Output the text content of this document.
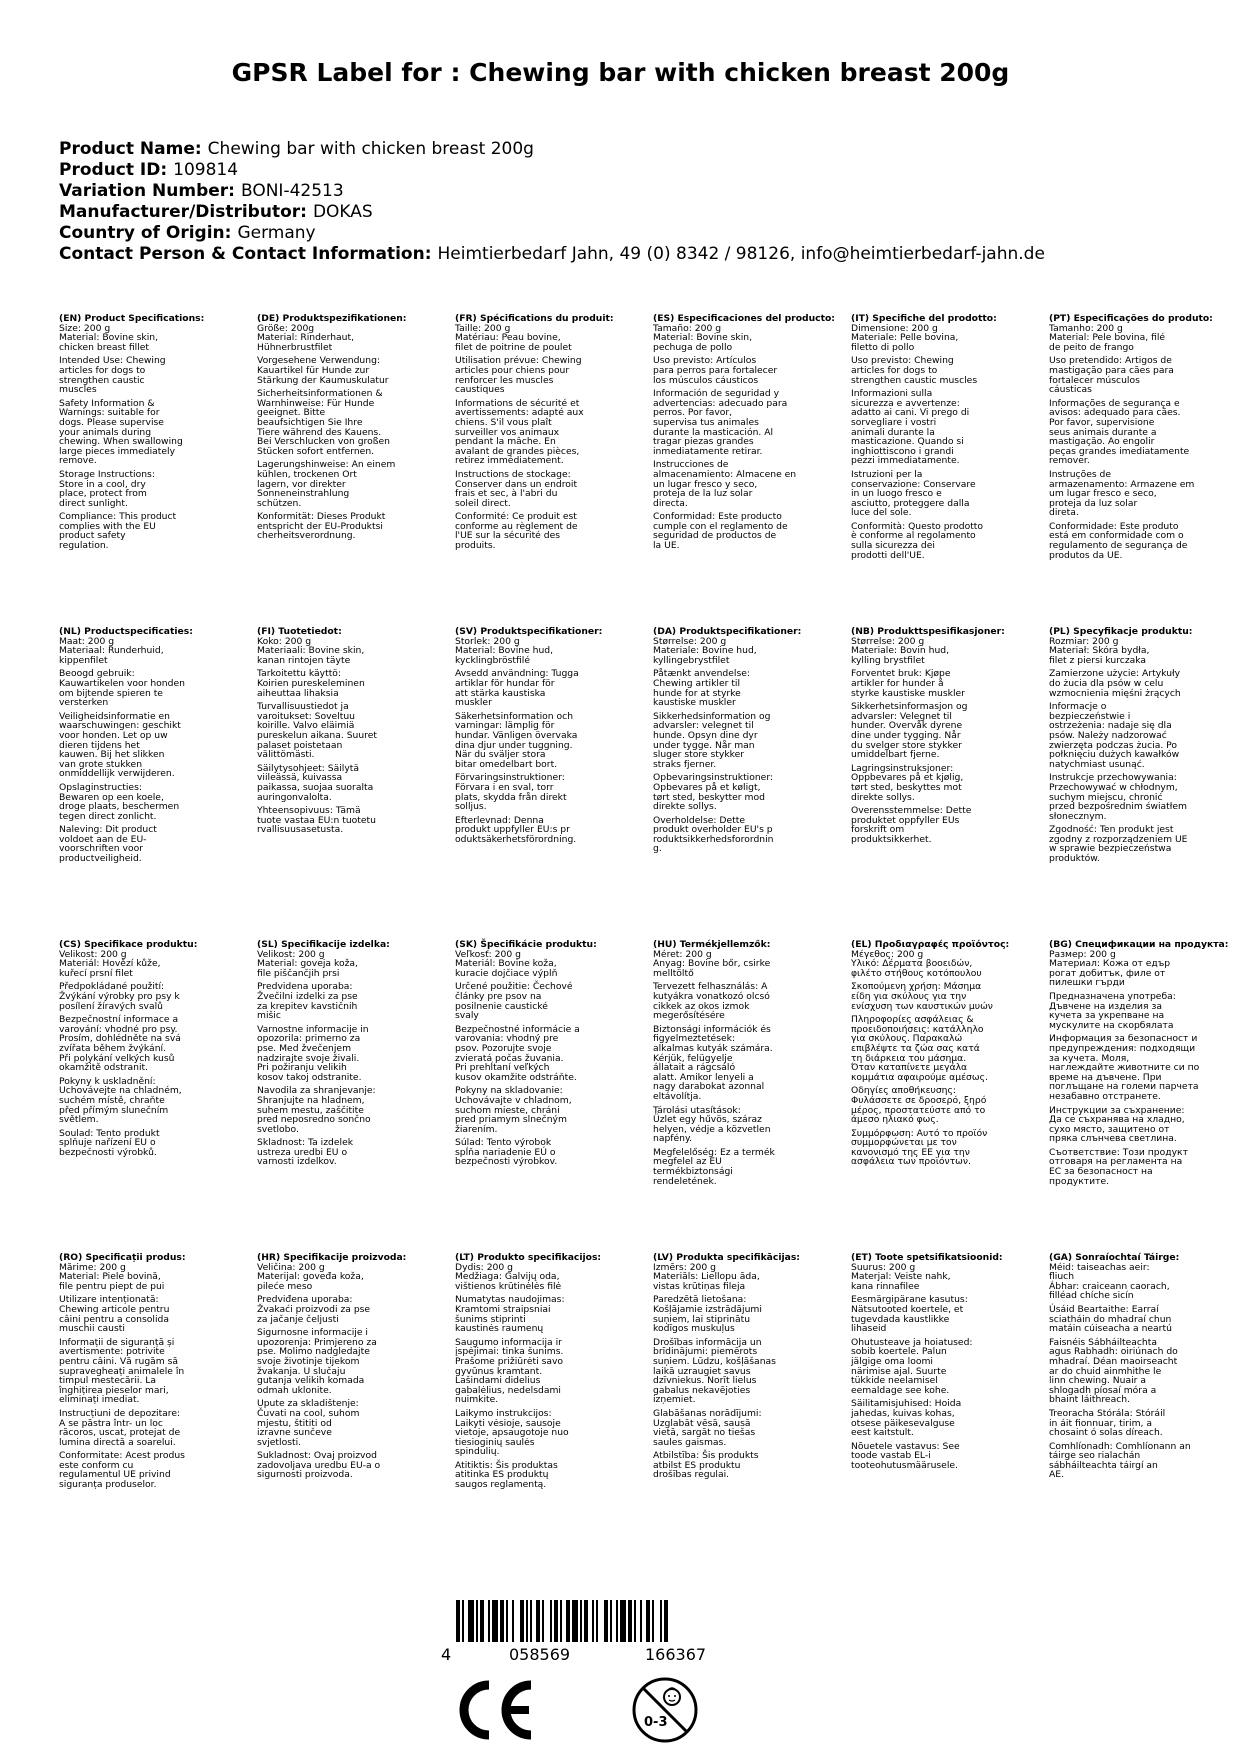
GPSR Label for : Chewing bar with chicken breast 200g
Product Name: Chewing bar with chicken breast 200g
Product ID: 109814
Variation Number: BONI-42513
Manufacturer/Distributor: DOKAS
Country of Origin: Germany
Contact Person & Contact Information: Heimtierbedarf Jahn, 49 (0) 8342 / 98126, info@heimtierbedarf-jahn.de
(EN) Product Specifications:
Size: 200 g
Material: Bovine skin,
chicken breast fillet
Intended Use: Chewing
articles for dogs to
strengthen caustic
muscles
Safety Information &
Warnings: suitable for
dogs. Please supervise
your animals during
chewing. When swallowing
large pieces immediately
remove.
Storage Instructions:
Store in a cool, dry
place, protect from
direct sunlight.
Compliance: This product
complies with the EU
product safety
regulation.
(DE) Produktspezifikationen:
Größe: 200g
Material: Rinderhaut,
Hühnerbrustfilet
Vorgesehene Verwendung:
Kauartikel für Hunde zur
Stärkung der Kaumuskulatur
Sicherheitsinformationen &
Warnhinweise: Für Hunde
geeignet. Bitte
beaufsichtigen Sie Ihre
Tiere während des Kauens.
Bei Verschlucken von großen
Stücken sofort entfernen.
Lagerungshinweise: An einem
kühlen, trockenen Ort
lagern, vor direkter
Sonneneinstrahlung
schützen.
Konformität: Dieses Produkt
entspricht der EU-Produktsi
cherheitsverordnung.
(FR) Spécifications du produit:
Taille: 200 g
Matériau: Peau bovine,
filet de poitrine de poulet
Utilisation prévue: Chewing
articles pour chiens pour
renforcer les muscles
caustiques
Informations de sécurité et
avertissements: adapté aux
chiens. S'il vous plaît
surveiller vos animaux
pendant la mâche. En
avalant de grandes pièces,
retirez immédiatement.
Instructions de stockage:
Conserver dans un endroit
frais et sec, à l'abri du
soleil direct.
Conformité: Ce produit est
conforme au règlement de
l'UE sur la sécurité des
produits.
(ES) Especificaciones del producto:
Tamaño: 200 g
Material: Bovine skin,
pechuga de pollo
Uso previsto: Artículos
para perros para fortalecer
los músculos cáusticos
Información de seguridad y
advertencias: adecuado para
perros. Por favor,
supervisa tus animales
durante la masticación. Al
tragar piezas grandes
inmediatamente retirar.
Instrucciones de
almacenamiento: Almacene en
un lugar fresco y seco,
proteja de la luz solar
directa.
Conformidad: Este producto
cumple con el reglamento de
seguridad de productos de
la UE.
(IT) Specifiche del prodotto:
Dimensione: 200 g
Materiale: Pelle bovina,
filetto di pollo
Uso previsto: Chewing
articles for dogs to
strengthen caustic muscles
Informazioni sulla
sicurezza e avvertenze:
adatto ai cani. Vi prego di
sorvegliare i vostri
animali durante la
masticazione. Quando si
inghiottiscono i grandi
pezzi immediatamente.
Istruzioni per la
conservazione: Conservare
in un luogo fresco e
asciutto, proteggere dalla
luce del sole.
Conformità: Questo prodotto
è conforme al regolamento
sulla sicurezza dei
prodotti dell'UE.
(PT) Especificações do produto:
Tamanho: 200 g
Material: Pele bovina, filé
de peito de frango
Uso pretendido: Artigos de
mastigação para cães para
fortalecer músculos
cáusticas
Informações de segurança e
avisos: adequado para cães.
Por favor, supervisione
seus animais durante a
mastigação. Ao engolir
peças grandes imediatamente
remover.
Instruções de
armazenamento: Armazene em
um lugar fresco e seco,
proteja da luz solar
direta.
Conformidade: Este produto
está em conformidade com o
regulamento de segurança de
produtos da UE.
(NL) Productspecificaties:
Maat: 200 g
Materiaal: Runderhuid,
kippenfilet
Beoogd gebruik:
Kauwartikelen voor honden
om bijtende spieren te
versterken
Veiligheidsinformatie en
waarschuwingen: geschikt
voor honden. Let op uw
dieren tijdens het
kauwen. Bij het slikken
van grote stukken
onmiddellijk verwijderen.
Opslaginstructies:
Bewaren op een koele,
droge plaats, beschermen
tegen direct zonlicht.
Naleving: Dit product
voldoet aan de EU-
voorschriften voor
productveiligheid.
(FI) Tuotetiedot:
Koko: 200 g
Materiaali: Bovine skin,
kanan rintojen täyte
Tarkoitettu käyttö:
Koirien pureskeleminen
aiheuttaa lihaksia
Turvallisuustiedot ja
varoitukset: Soveltuu
koirille. Valvo eläimiä
pureskelun aikana. Suuret
palaset poistetaan
välittömästi.
Säilytysohjeet: Säilytä
viileässä, kuivassa
paikassa, suojaa suoralta
auringonvalolta.
Yhteensopivuus: Tämä
tuote vastaa EU:n tuotetu
rvallisuusasetusta.
(SV) Produktspecifikationer:
Storlek: 200 g
Material: Bovine hud,
kycklingbröstfilé
Avsedd användning: Tugga
artiklar för hundar för
att stärka kaustiska
muskler
Säkerhetsinformation och
varningar: lämplig för
hundar. Vänligen övervaka
dina djur under tuggning.
När du sväljer stora
bitar omedelbart bort.
Förvaringsinstruktioner:
Förvara i en sval, torr
plats, skydda från direkt
solljus.
Efterlevnad: Denna
produkt uppfyller EU:s pr
oduktsäkerhetsförordning.
(DA) Produktspecifikationer:
Størrelse: 200 g
Materiale: Bovine hud,
kyllingebrystfilet
Påtænkt anvendelse:
Chewing artikler til
hunde for at styrke
kaustiske muskler
Sikkerhedsinformation og
advarsler: velegnet til
hunde. Opsyn dine dyr
under tygge. Når man
sluger store stykker
straks fjerner.
Opbevaringsinstruktioner:
Opbevares på et køligt,
tørt sted, beskytter mod
direkte sollys.
Overholdelse: Dette
produkt overholder EU's p
roduktsikkerhedsforordnin
g.
(NB) Produkttspesifikasjoner:
Størrelse: 200 g
Materiale: Bovin hud,
kylling brystfilet
Forventet bruk: Kjøpe
artikler for hunder å
styrke kaustiske muskler
Sikkerhetsinformasjon og
advarsler: Velegnet til
hunder. Overvåk dyrene
dine under tygging. Når
du svelger store stykker
umiddelbart fjerne.
Lagringsinstruksjoner:
Oppbevares på et kjølig,
tørt sted, beskyttes mot
direkte sollys.
Overensstemmelse: Dette
produktet oppfyller EUs
forskrift om
produktsikkerhet.
(PL) Specyfikacje produktu:
Rozmiar: 200 g
Materiał: Skóra bydła,
filet z piersi kurczaka
Zamierzone użycie: Artykuły
do żucia dla psów w celu
wzmocnienia mięśni żrących
Informacje o
bezpieczeństwie i
ostrzeżenia: nadaje się dla
psów. Należy nadzorować
zwierzęta podczas żucia. Po
połknięciu dużych kawałków
natychmiast usunąć.
Instrukcje przechowywania:
Przechowywać w chłodnym,
suchym miejscu, chronić
przed bezpośrednim światłem
słonecznym.
Zgodność: Ten produkt jest
zgodny z rozporządzeniem UE
w sprawie bezpieczeństwa
produktów.
(CS) Specifikace produktu:
Velikost: 200 g
Materiál: Hovězí kůže,
kuřecí prsní filet
Předpokládané použití:
Žvýkání výrobky pro psy k
posílení žíravých svalů
Bezpečnostní informace a
varování: vhodné pro psy.
Prosím, dohlédněte na svá
zvířata během žvýkání.
Při polykání velkých kusů
okamžitě odstranit.
Pokyny k uskladnění:
Uchovávejte na chladném,
suchém místě, chraňte
před přímým slunečním
světlem.
Soulad: Tento produkt
splňuje nařízení EU o
bezpečnosti výrobků.
(SL) Specifikacije izdelka:
Velikost: 200 g
Material: goveja koža,
file piščančjih prsi
Predvidena uporaba:
Žvečilni izdelki za pse
za krepitev kavstičnih
mišic
Varnostne informacije in
opozorila: primerno za
pse. Med žvečenjem
nadzirajte svoje živali.
Pri požiranju velikih
kosov takoj odstranite.
Navodila za shranjevanje:
Shranjujte na hladnem,
suhem mestu, zaščitite
pred neposredno sončno
svetlobo.
Skladnost: Ta izdelek
ustreza uredbi EU o
varnosti izdelkov.
(SK) Špecifikácie produktu:
Veľkosť: 200 g
Materiál: Bovine koža,
kuracie dojčiace výplň
Určené použitie: Čechové
články pre psov na
posilnenie caustické
svaly
Bezpečnostné informácie a
varovania: vhodný pre
psov. Pozorujte svoje
zvieratá počas žuvania.
Pri prehĺtaní veľkých
kusov okamžite odstráňte.
Pokyny na skladovanie:
Uchovávajte v chladnom,
suchom mieste, chráni
pred priamym slnečným
žiarením.
Súlad: Tento výrobok
spĺňa nariadenie EÚ o
bezpečnosti výrobkov.
(HU) Termékjellemzők:
Méret: 200 g
Anyag: Bovine bőr, csirke
melltöltő
Tervezett felhasználás: A
kutyákra vonatkozó olcsó
cikkek az okos izmok
megerősítésére
Biztonsági információk és
figyelmeztetések:
alkalmas kutyák számára.
Kérjük, felügyelje
állatait a rágcsáló
alatt. Amikor lenyeli a
nagy darabokat azonnal
eltávolítja.
Tárolási utasítások:
Üzlet egy hűvös, száraz
helyen, védje a közvetlen
napfény.
Megfelelőség: Ez a termék
megfelel az EU
termékbiztonsági
rendeletének.
(EL) Προδιαγραφές προϊόντος:
Μέγεθος: 200 g
Υλικό: Δέρματα βοοειδών,
φιλέτο στήθους κοτόπουλου
Σκοπούμενη χρήση: Μάσημα
είδη για σκύλους για την
ενίσχυση των καυστικών μυών
Πληροφορίες ασφάλειας &
προειδοποιήσεις: κατάλληλο
για σκύλους. Παρακαλώ
επιβλέψτε τα ζώα σας κατά
τη διάρκεια του μάσημα.
Όταν καταπίνετε μεγάλα
κομμάτια αφαιρούμε αμέσως.
Οδηγίες αποθήκευσης:
Φυλάσσετε σε δροσερό, ξηρό
μέρος, προστατεύστε από το
άμεσο ηλιακό φως.
Συμμόρφωση: Αυτό το προϊόν
συμμορφώνεται με τον
κανονισμό της ΕΕ για την
ασφάλεια των προϊόντων.
(BG) Спецификации на продукта:
Размер: 200 g
Материал: Кожа от едър
рогат добитък, филе от
пилешки гърди
Предназначена употреба:
Дъвчене на изделия за
кучета за укрепване на
мускулите на скорбялата
Информация за безопасност и
предупреждения: подходящи
за кучета. Моля,
наглеждайте животните си по
време на дъвчене. При
поглъщане на големи парчета
незабавно отстранете.
Инструкции за съхранение:
Да се съхранява на хладно,
сухо място, защитено от
пряка слънчева светлина.
Съответствие: Този продукт
отговаря на регламента на
ЕС за безопасност на
продуктите.
(RO) Specificații produs:
Mărime: 200 g
Material: Piele bovină,
file pentru piept de pui
Utilizare intenționată:
Chewing articole pentru
câini pentru a consolida
muschii causti
Informații de siguranță și
avertismente: potrivite
pentru câini. Vă rugăm să
supravegheați animalele în
timpul mestecării. La
înghițirea pieselor mari,
eliminați imediat.
Instrucțiuni de depozitare:
A se păstra într- un loc
răcoros, uscat, protejat de
lumina directă a soarelui.
Conformitate: Acest produs
este conform cu
regulamentul UE privind
siguranța produselor.
(HR) Specifikacije proizvoda:
Veličina: 200 g
Materijal: goveđa koža,
pileće meso
Predviđena uporaba:
Žvakaći proizvodi za pse
za jačanje čeljusti
Sigurnosne informacije i
upozorenja: Primjereno za
pse. Molimo nadgledajte
svoje životinje tijekom
žvakanja. U slučaju
gutanja velikih komada
odmah uklonite.
Upute za skladištenje:
Čuvati na cool, suhom
mjestu, štititi od
izravne sunčeve
svjetlosti.
Sukladnost: Ovaj proizvod
zadovoljava uredbu EU-a o
sigurnosti proizvoda.
(LT) Produkto specifikacijos:
Dydis: 200 g
Medžiaga: Galvijų oda,
vištienos krūtinėlės filė
Numatytas naudojimas:
Kramtomi straipsniai
šunims stiprinti
kaustinės raumenų
Saugumo informacija ir
įspėjimai: tinka šunims.
Prašome prižiūrėti savo
gyvūnus kramtant.
Lašindami didelius
gabalėlius, nedelsdami
nuimkite.
Laikymo instrukcijos:
Laikyti vėsioje, sausoje
vietoje, apsaugotoje nuo
tiesioginių saulės
spindulių.
Atitiktis: Šis produktas
atitinka ES produktų
saugos reglamentą.
(LV) Produkta specifikācijas:
Izmērs: 200 g
Materiāls: Liellopu āda,
vistas krūtiņas fileja
Paredzētā lietošana:
Košļājamie izstrādājumi
suņiem, lai stiprinātu
kodīgos muskuļus
Drošības informācija un
brīdinājumi: piemērots
suņiem. Lūdzu, košļāšanas
laikā uzraugiet savus
dzīvniekus. Norīt lielus
gabalus nekavējoties
izņemiet.
Glabāšanas norādījumi:
Uzglabāt vēsā, sausā
vietā, sargāt no tiešas
saules gaismas.
Atbilstība: Šis produkts
atbilst ES produktu
drošības regulai.
(ET) Toote spetsifikatsioonid:
Suurus: 200 g
Materjal: Veiste nahk,
kana rinnafilee
Eesmärgipärane kasutus:
Nätsutooted koertele, et
tugevdada kaustlikke
lihaseid
Ohutusteave ja hoiatused:
sobib koertele. Palun
jälgige oma loomi
närimise ajal. Suurte
tükkide neelamisel
eemaldage see kohe.
Säilitamisjuhised: Hoida
jahedas, kuivas kohas,
otsese päikesevalguse
eest kaitstult.
Nõuetele vastavus: See
toode vastab EL-i
tooteohutusmäärusele.
(GA) Sonraíochtaí Táirge:
Méid: taiseachas aeir:
fliuch
Ábhar: craiceann caorach,
filléad chíche sicín
Úsáid Beartaithe: Earraí
sciatháin do mhadraí chun
matáin cúiseacha a neartú
Faisnéis Sábháilteachta
agus Rabhadh: oiriúnach do
mhadraí. Déan maoirseacht
ar do chuid ainmhithe le
linn chewing. Nuair a
shlogadh píosaí móra a
bhaint láithreach.
Treoracha Stórála: Stóráil
in áit fionnuar, tirim, a
chosaint ó solas díreach.
Comhlíonadh: Comhlíonann an
táirge seo rialachán
sábháilteachta táirgí an
AE.
4	058569	166367
0-3
